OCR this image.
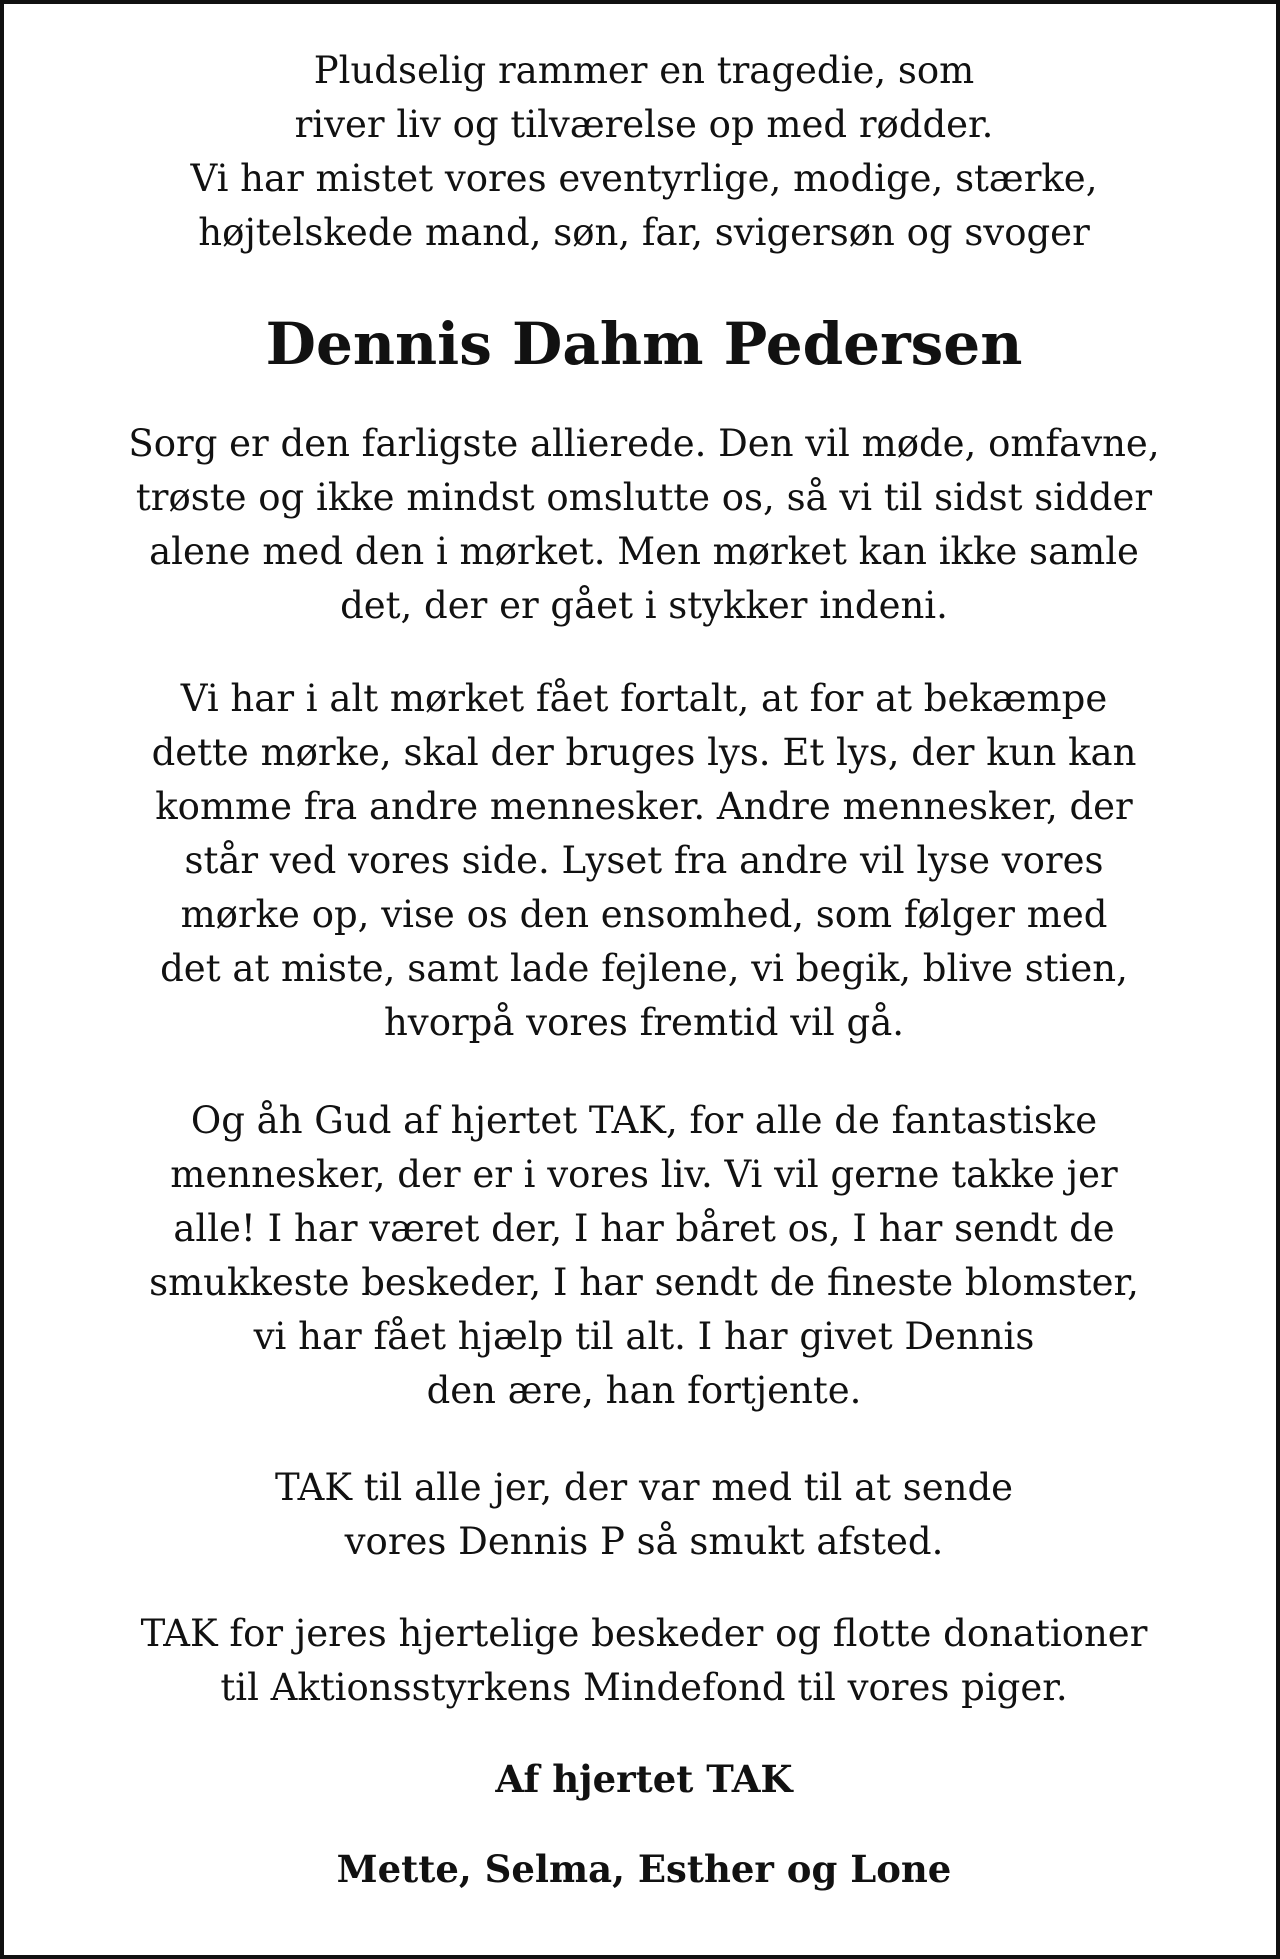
Pludselig rammer en tragedie, som
river liv og tilværelse op med rødder.
Vi har mistet vores eventyrlige, modige, stærke,
højtelskede mand, søn, far, svigersøn og svoger

Dennis Dahm Pedersen

Sorg er den farligste allierede. Den vil møde, omfavne,
trøste og ikke mindst omslutte os, så vi til sidst sidder
alene med den i mørket. Men mørket kan ikke samle
det, der er gået i stykker indeni.

Vi har i alt mørket fået fortalt, at for at bekæmpe
dette mørke, skal der bruges lys. Et lys, der kun kan
komme fra andre mennesker. Andre mennesker, der
står ved vores side. Lyset fra andre vil lyse vores
mørke op, vise os den ensomhed, som følger med
det at miste, samt lade fejlene, vi begik, blive stien,
hvorpå vores fremtid vil gå.

Og åh Gud af hjertet TAK, for alle de fantastiske
mennesker, der er i vores liv. Vi vil gerne takke jer
alle! I har været der, I har båret os, I har sendt de
smukkeste beskeder, I har sendt de fineste blomster,
vi har fået hjælp til alt. I har givet Dennis
den ære, han fortjente.

TAK til alle jer, der var med til at sende
vores Dennis P så smukt afsted.

TAK for jeres hjertelige beskeder og flotte donationer
til Aktionsstyrkens Mindefond til vores piger.

Af hjertet TAK

Mette, Selma, Esther og Lone
